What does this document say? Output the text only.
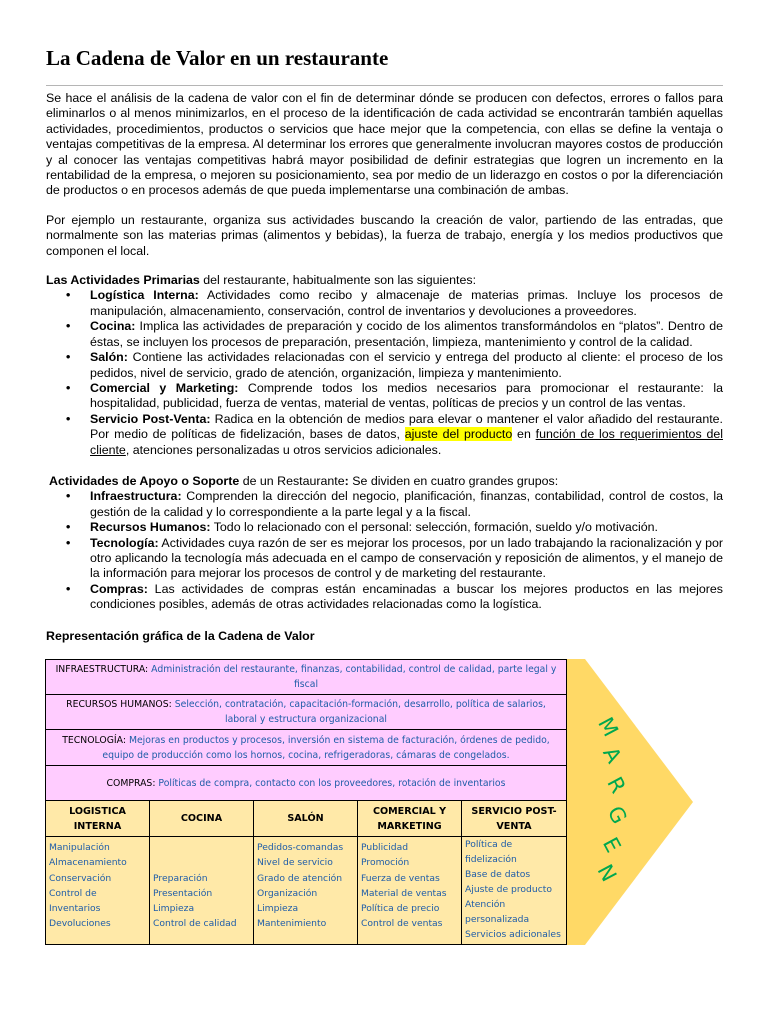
La Cadena de Valor en un restaurante

Se hace el análisis de la cadena de valor con el fin de determinar dónde se producen con defectos, errores o fallos para eliminarlos o al menos minimizarlos, en el proceso de la identificación de cada actividad se encontrarán también aquellas actividades, procedimientos, productos o servicios que hace mejor que la competencia, con ellas se define la ventaja o ventajas competitivas de la empresa. Al determinar los errores que generalmente involucran mayores costos de producción y al conocer las ventajas competitivas habrá mayor posibilidad de definir estrategias que logren un incremento en la rentabilidad de la empresa, o mejoren su posicionamiento, sea por medio de un liderazgo en costos o por la diferenciación de productos o en procesos además de que pueda implementarse una combinación de ambas.

Por ejemplo un restaurante, organiza sus actividades buscando la creación de valor, partiendo de las entradas, que normalmente son las materias primas (alimentos y bebidas), la fuerza de trabajo, energía y los medios productivos que componen el local.

Las Actividades Primarias del restaurante, habitualmente son las siguientes:

• Logística Interna: Actividades como recibo y almacenaje de materias primas. Incluye los procesos de manipulación, almacenamiento, conservación, control de inventarios y devoluciones a proveedores.
• Cocina: Implica las actividades de preparación y cocido de los alimentos transformándolos en “platos”. Dentro de éstas, se incluyen los procesos de preparación, presentación, limpieza, mantenimiento y control de la calidad.
• Salón: Contiene las actividades relacionadas con el servicio y entrega del producto al cliente: el proceso de los pedidos, nivel de servicio, grado de atención, organización, limpieza y mantenimiento.
• Comercial y Marketing: Comprende todos los medios necesarios para promocionar el restaurante: la hospitalidad, publicidad, fuerza de ventas, material de ventas, políticas de precios y un control de las ventas.
• Servicio Post-Venta: Radica en la obtención de medios para elevar o mantener el valor añadido del restaurante. Por medio de políticas de fidelización, bases de datos, ajuste del producto en función de los requerimientos del cliente, atenciones personalizadas u otros servicios adicionales.

Actividades de Apoyo o Soporte de un Restaurante: Se dividen en cuatro grandes grupos:

• Infraestructura: Comprenden la dirección del negocio, planificación, finanzas, contabilidad, control de costos, la gestión de la calidad y lo correspondiente a la parte legal y a la fiscal.
• Recursos Humanos: Todo lo relacionado con el personal: selección, formación, sueldo y/o motivación.
• Tecnología: Actividades cuya razón de ser es mejorar los procesos, por un lado trabajando la racionalización y por otro aplicando la tecnología más adecuada en el campo de conservación y reposición de alimentos, y el manejo de la información para mejorar los procesos de control y de marketing del restaurante.
• Compras: Las actividades de compras están encaminadas a buscar los mejores productos en las mejores condiciones posibles, además de otras actividades relacionadas como la logística.

Representación gráfica de la Cadena de Valor

INFRAESTRUCTURA: Administración del restaurante, finanzas, contabilidad, control de calidad, parte legal y fiscal
RECURSOS HUMANOS: Selección, contratación, capacitación-formación, desarrollo, política de salarios, laboral y estructura organizacional
TECNOLOGÍA: Mejoras en productos y procesos, inversión en sistema de facturación, órdenes de pedido, equipo de producción como los hornos, cocina, refrigeradoras, cámaras de congelados.
COMPRAS: Políticas de compra, contacto con los proveedores, rotación de inventarios
LOGISTICA INTERNA
Manipulación
Almacenamiento
Conservación
Control de
Inventarios
Devoluciones
COCINA

Preparación
Presentación
Limpieza
Control de calidad
SALÓN
Pedidos-comandas
Nivel de servicio
Grado de atención
Organización
Limpieza
Mantenimiento
COMERCIAL Y MARKETING
Publicidad
Promoción
Fuerza de ventas
Material de ventas
Política de precio
Control de ventas
SERVICIO POST-VENTA
Política de
fidelización
Base de datos
Ajuste de producto
Atención
personalizada
Servicios adicionales
M
A
R
G
E
N
